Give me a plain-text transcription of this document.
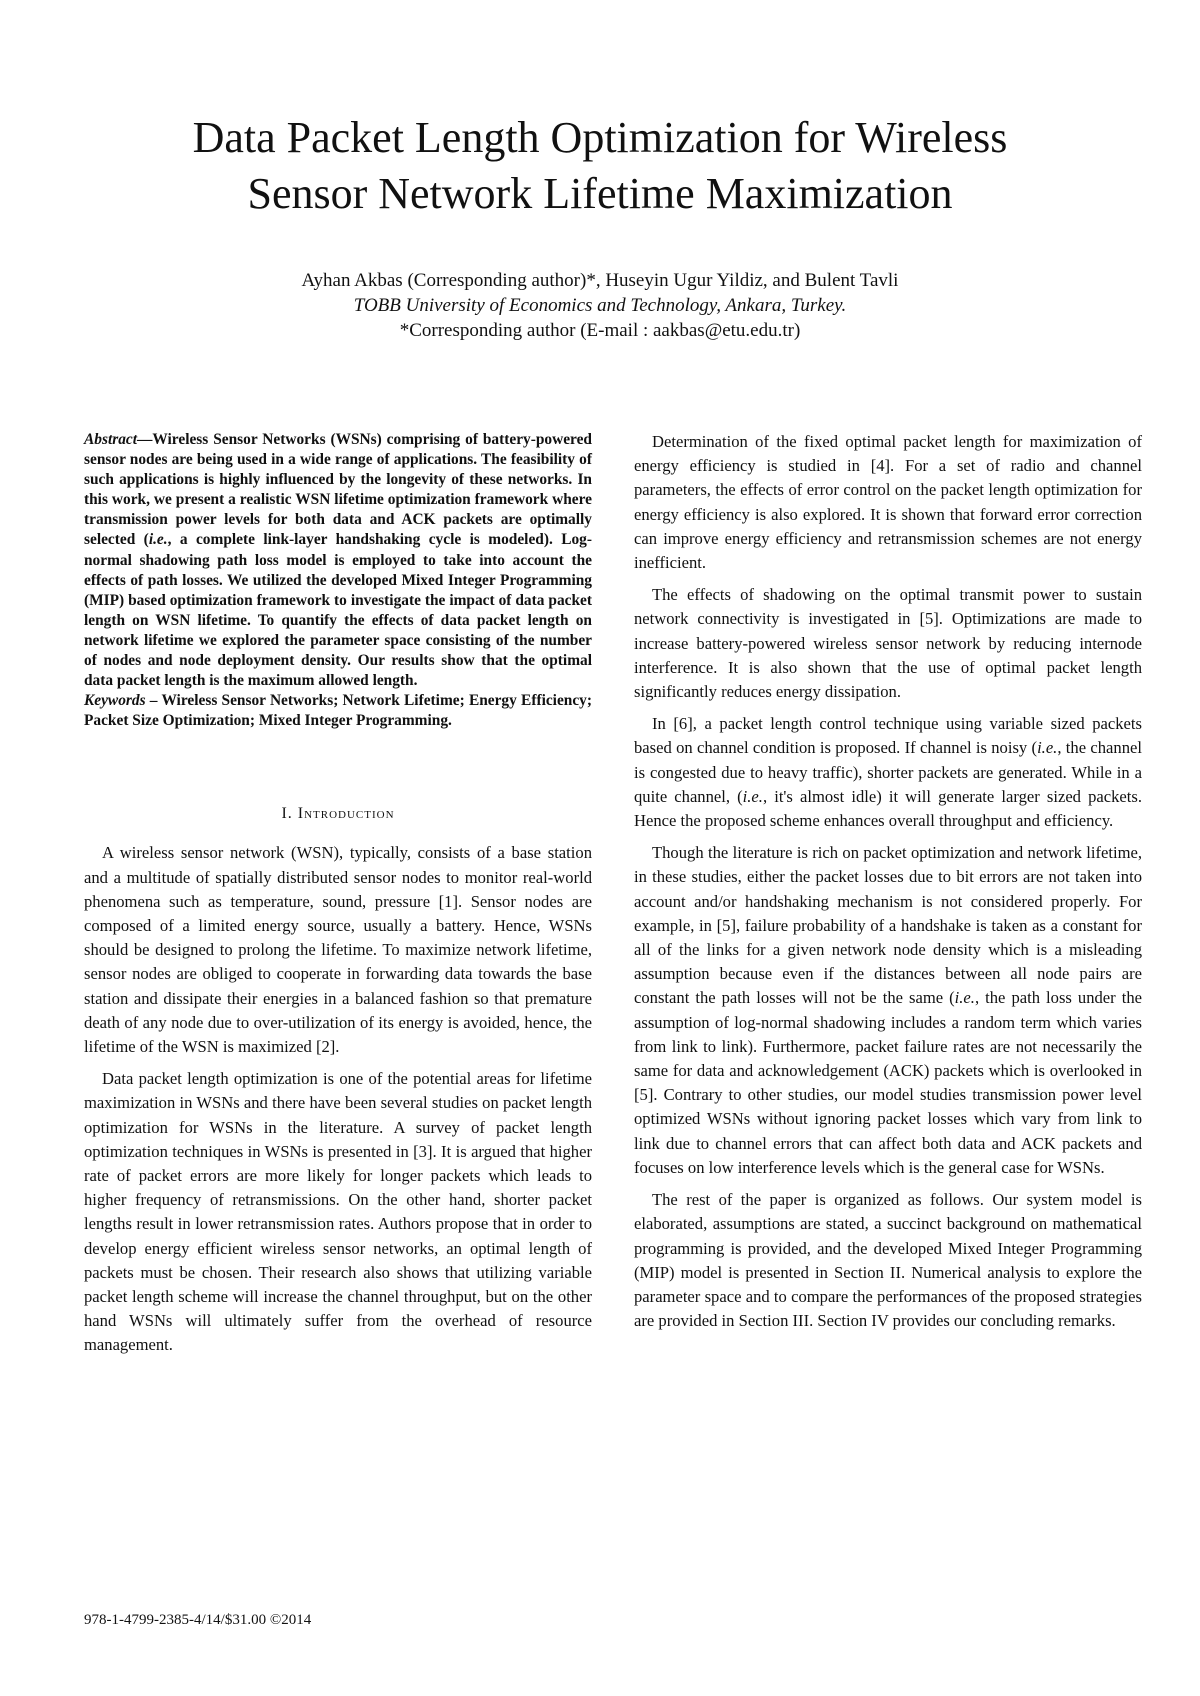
Data Packet Length Optimization for Wireless
Sensor Network Lifetime Maximization
Ayhan Akbas (Corresponding author)*, Huseyin Ugur Yildiz, and Bulent Tavli
TOBB University of Economics and Technology, Ankara, Turkey.
*Corresponding author (E-mail : aakbas@etu.edu.tr)

Abstract—Wireless Sensor Networks (WSNs) comprising of battery-powered sensor nodes are being used in a wide range of applications. The feasibility of such applications is highly influenced by the longevity of these networks. In this work, we present a realistic WSN lifetime optimization framework where transmission power levels for both data and ACK packets are optimally selected (i.e., a complete link-layer handshaking cycle is modeled). Log-normal shadowing path loss model is employed to take into account the effects of path losses. We utilized the developed Mixed Integer Programming (MIP) based optimization framework to investigate the impact of data packet length on WSN lifetime. To quantify the effects of data packet length on network lifetime we explored the parameter space consisting of the number of nodes and node deployment density. Our results show that the optimal data packet length is the maximum allowed length.

Keywords – Wireless Sensor Networks; Network Lifetime; Energy Efficiency; Packet Size Optimization; Mixed Integer Programming.

I. Introduction

A wireless sensor network (WSN), typically, consists of a base station and a multitude of spatially distributed sensor nodes to monitor real-world phenomena such as temperature, sound, pressure [1]. Sensor nodes are composed of a limited energy source, usually a battery. Hence, WSNs should be designed to prolong the lifetime. To maximize network lifetime, sensor nodes are obliged to cooperate in forwarding data towards the base station and dissipate their energies in a balanced fashion so that premature death of any node due to over-utilization of its energy is avoided, hence, the lifetime of the WSN is maximized [2].

Data packet length optimization is one of the potential areas for lifetime maximization in WSNs and there have been several studies on packet length optimization for WSNs in the literature. A survey of packet length optimization techniques in WSNs is presented in [3]. It is argued that higher rate of packet errors are more likely for longer packets which leads to higher frequency of retransmissions. On the other hand, shorter packet lengths result in lower retransmission rates. Authors propose that in order to develop energy efficient wireless sensor networks, an optimal length of packets must be chosen. Their research also shows that utilizing variable packet length scheme will increase the channel throughput, but on the other hand WSNs will ultimately suffer from the overhead of resource management.

Determination of the fixed optimal packet length for maximization of energy efficiency is studied in [4]. For a set of radio and channel parameters, the effects of error control on the packet length optimization for energy efficiency is also explored. It is shown that forward error correction can improve energy efficiency and retransmission schemes are not energy inefficient.

The effects of shadowing on the optimal transmit power to sustain network connectivity is investigated in [5]. Optimizations are made to increase battery-powered wireless sensor network by reducing internode interference. It is also shown that the use of optimal packet length significantly reduces energy dissipation.

In [6], a packet length control technique using variable sized packets based on channel condition is proposed. If channel is noisy (i.e., the channel is congested due to heavy traffic), shorter packets are generated. While in a quite channel, (i.e., it's almost idle) it will generate larger sized packets. Hence the proposed scheme enhances overall throughput and efficiency.

Though the literature is rich on packet optimization and network lifetime, in these studies, either the packet losses due to bit errors are not taken into account and/or handshaking mechanism is not considered properly. For example, in [5], failure probability of a handshake is taken as a constant for all of the links for a given network node density which is a misleading assumption because even if the distances between all node pairs are constant the path losses will not be the same (i.e., the path loss under the assumption of log-normal shadowing includes a random term which varies from link to link). Furthermore, packet failure rates are not necessarily the same for data and acknowledgement (ACK) packets which is overlooked in [5]. Contrary to other studies, our model studies transmission power level optimized WSNs without ignoring packet losses which vary from link to link due to channel errors that can affect both data and ACK packets and focuses on low interference levels which is the general case for WSNs.

The rest of the paper is organized as follows. Our system model is elaborated, assumptions are stated, a succinct background on mathematical programming is provided, and the developed Mixed Integer Programming (MIP) model is presented in Section II. Numerical analysis to explore the parameter space and to compare the performances of the proposed strategies are provided in Section III. Section IV provides our concluding remarks.

978-1-4799-2385-4/14/$31.00 ©2014
